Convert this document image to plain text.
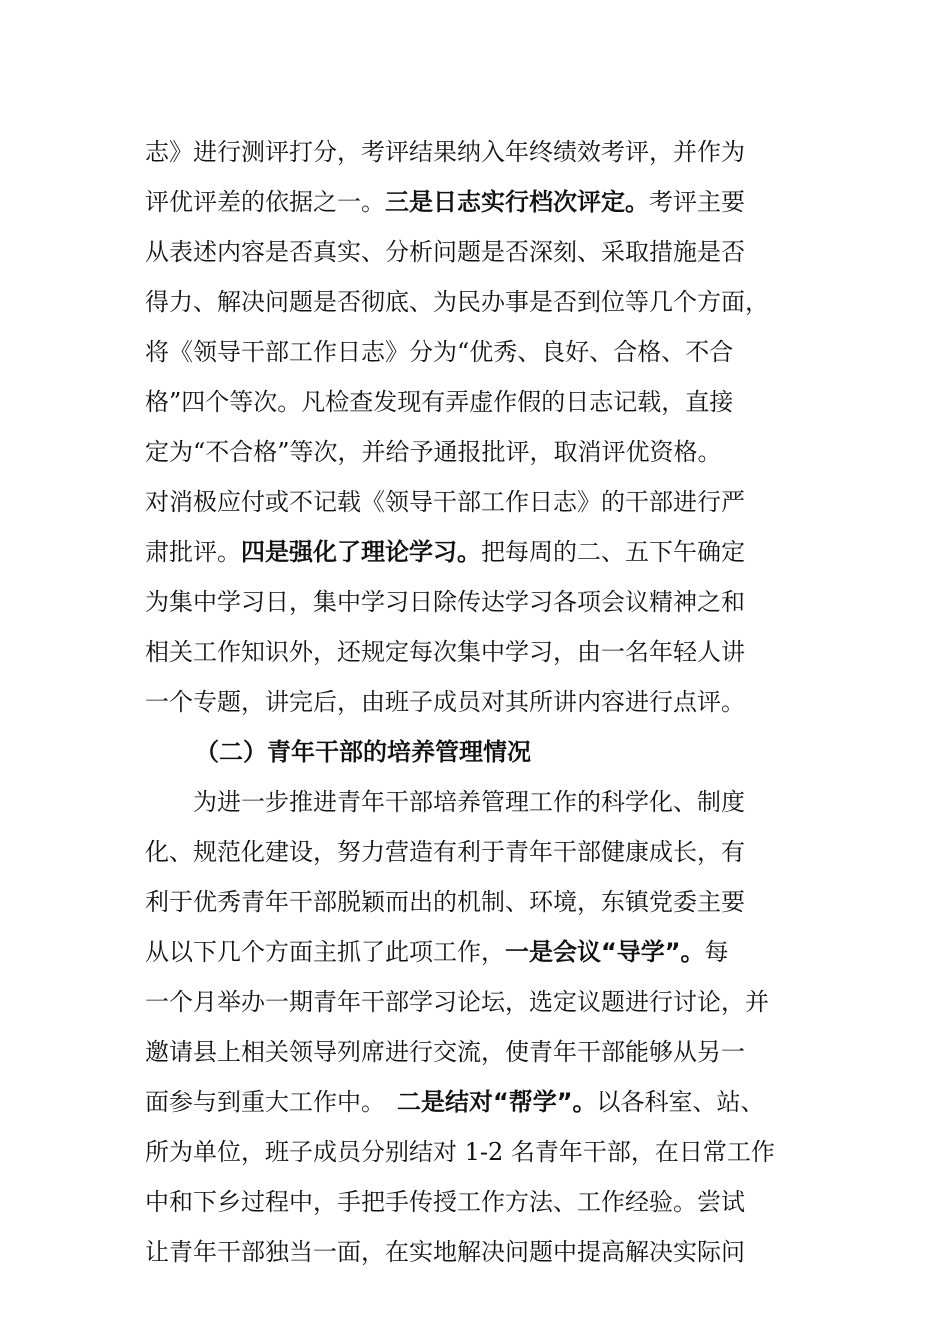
志》进行测评打分，考评结果纳入年终绩效考评，并作为
评优评差的依据之一。三是日志实行档次评定。考评主要
从表述内容是否真实、分析问题是否深刻、采取措施是否
得力、解决问题是否彻底、为民办事是否到位等几个方面，
将《领导干部工作日志》分为“优秀、良好、合格、不合
格”四个等次。凡检查发现有弄虚作假的日志记载，直接
定为“不合格”等次，并给予通报批评，取消评优资格。
对消极应付或不记载《领导干部工作日志》的干部进行严
肃批评。四是强化了理论学习。把每周的二、五下午确定
为集中学习日，集中学习日除传达学习各项会议精神之和
相关工作知识外，还规定每次集中学习，由一名年轻人讲
一个专题，讲完后，由班子成员对其所讲内容进行点评。
（二）青年干部的培养管理情况
　　为进一步推进青年干部培养管理工作的科学化、制度
化、规范化建设，努力营造有利于青年干部健康成长，有
利于优秀青年干部脱颖而出的机制、环境，东镇党委主要
从以下几个方面主抓了此项工作，一是会议“导学”。每
一个月举办一期青年干部学习论坛，选定议题进行讨论，并
邀请县上相关领导列席进行交流，使青年干部能够从另一
面参与到重大工作中。　二是结对“帮学”。以各科室、站、
所为单位，班子成员分别结对 1-2 名青年干部，在日常工作
中和下乡过程中，手把手传授工作方法、工作经验。尝试
让青年干部独当一面，在实地解决问题中提高解决实际问
